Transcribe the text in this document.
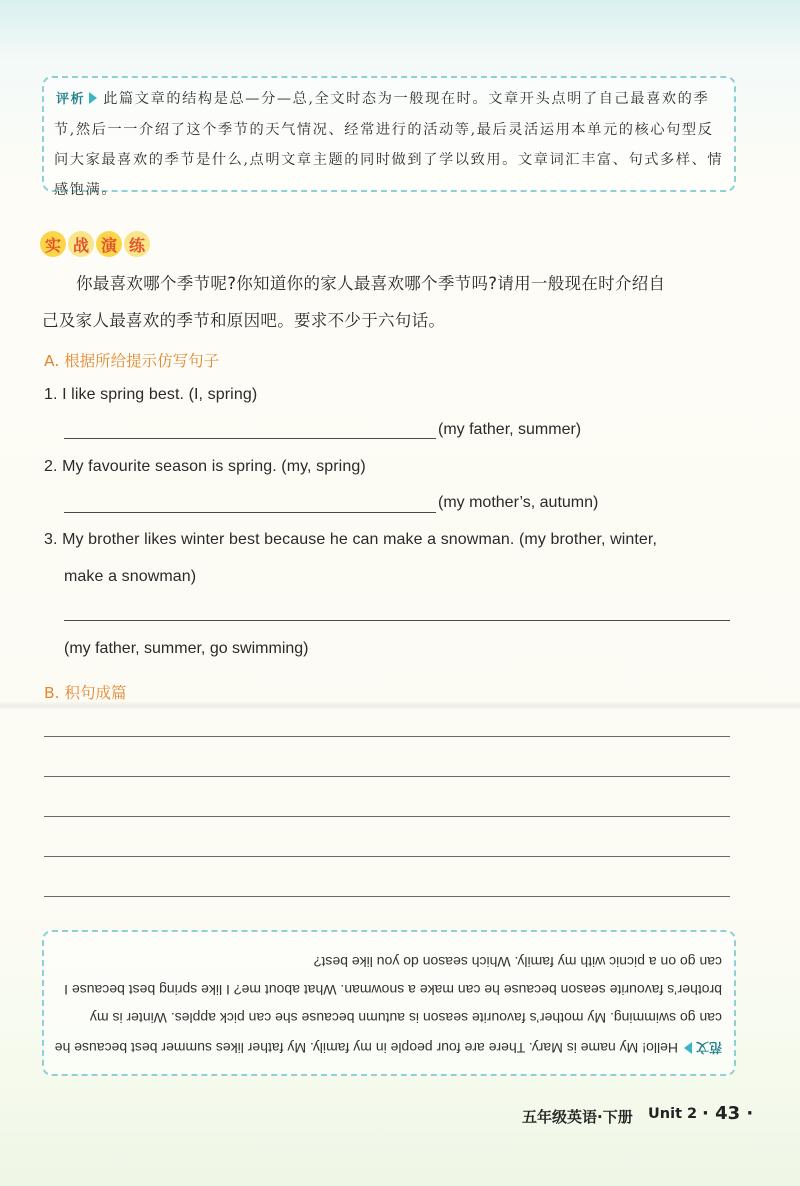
评析 此篇文章的结构是总—分—总,全文时态为一般现在时。文章开头点明了自己最喜欢的季节,然后一一介绍了这个季节的天气情况、经常进行的活动等,最后灵活运用本单元的核心句型反问大家最喜欢的季节是什么,点明文章主题的同时做到了学以致用。文章词汇丰富、句式多样、情感饱满。
实 战 演 练
你最喜欢哪个季节呢?你知道你的家人最喜欢哪个季节吗?请用一般现在时介绍自
己及家人最喜欢的季节和原因吧。要求不少于六句话。
A. 根据所给提示仿写句子
1. I like spring best. (I, spring)
(my father, summer)
2. My favourite season is spring. (my, spring)
(my mother’s, autumn)
3. My brother likes winter best because he can make a snowman. (my brother, winter,
make a snowman)
(my father, summer, go swimming)
B. 积句成篇
范文Hello! My name is Mary. There are four people in my family. My father likes summer best because he can go swimming. My mother’s favourite season is autumn because she can pick apples. Winter is my brother’s favourite season because he can make a snowman. What about me? I like spring best because I can go on a picnic with my family. Which season do you like best?
五年级英语·下册 Unit 2 · 43 ·
